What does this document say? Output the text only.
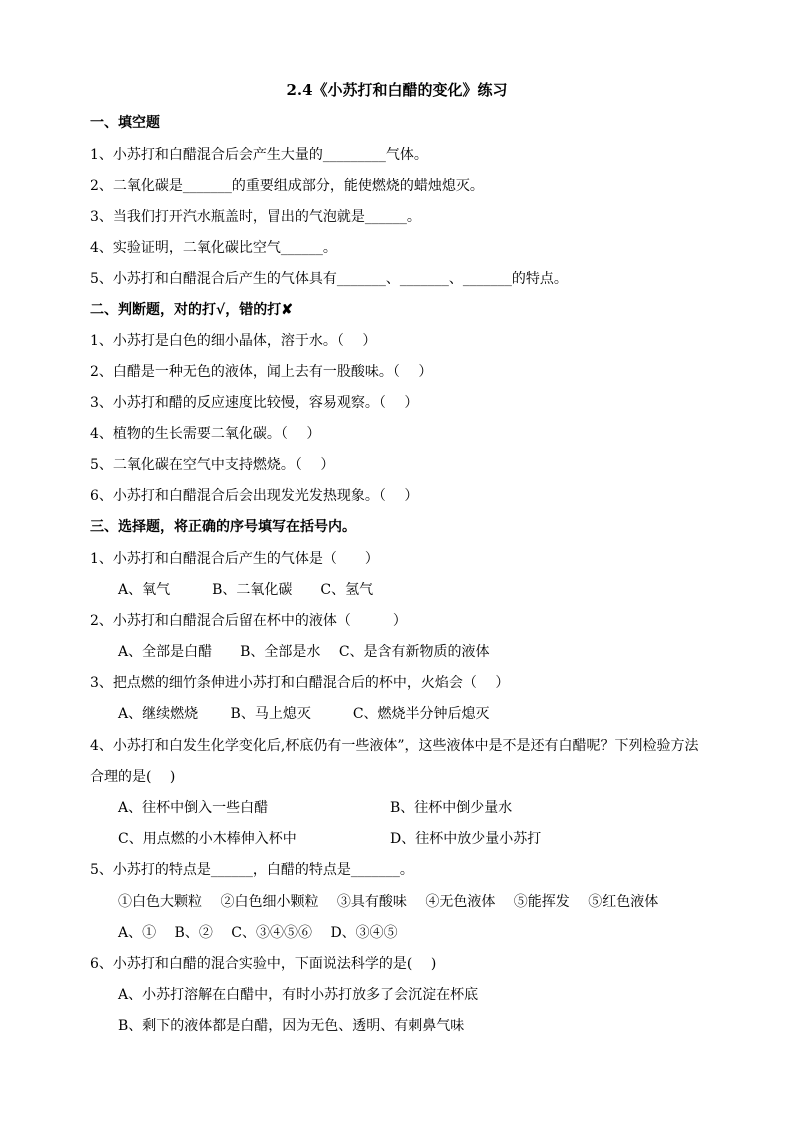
2.4《小苏打和白醋的变化》练习
一、填空题
1、小苏打和白醋混合后会产生大量的_________气体。
2、二氧化碳是_______的重要组成部分，能使燃烧的蜡烛熄灭。
3、当我们打开汽水瓶盖时，冒出的气泡就是______。
4、实验证明，二氧化碳比空气______。
5、小苏打和白醋混合后产生的气体具有_______、_______、_______的特点。
二、判断题，对的打√，错的打✘
1、小苏打是白色的细小晶体，溶于水。（　 ）
2、白醋是一种无色的液体，闻上去有一股酸味。（　 ）
3、小苏打和醋的反应速度比较慢，容易观察。（　 ）
4、植物的生长需要二氧化碳。（　 ）
5、二氧化碳在空气中支持燃烧。（　 ）
6、小苏打和白醋混合后会出现发光发热现象。（　 ）
三、选择题，将正确的序号填写在括号内。
1、小苏打和白醋混合后产生的气体是（　　）
A、氧气　　　B、二氧化碳　　C、氢气
2、小苏打和白醋混合后留在杯中的液体（　　　）
A、全部是白醋　　B、全部是水　 C、是含有新物质的液体
3、把点燃的细竹条伸进小苏打和白醋混合后的杯中，火焰会（　 ）
A、继续燃烧　　 B、马上熄灭　　　C、燃烧半分钟后熄灭
4、小苏打和白发生化学变化后,杯底仍有一些液体”，这些液体中是不是还有白醋呢？下列检验方法
合理的是(　 )
A、往杯中倒入一些白醋	B、往杯中倒少量水
C、用点燃的小木棒伸入杯中	D、往杯中放少量小苏打
5、小苏打的特点是______，白醋的特点是_______。
①白色大颗粒　 ②白色细小颗粒　 ③具有酸味　 ④无色液体　 ⑤能挥发　 ⑤红色液体
A、①　 B、②　 C、③④⑤⑥　 D、③④⑤
6、小苏打和白醋的混合实验中，下面说法科学的是(　 )
A、小苏打溶解在白醋中，有时小苏打放多了会沉淀在杯底
B、剩下的液体都是白醋，因为无色、透明、有刺鼻气味
